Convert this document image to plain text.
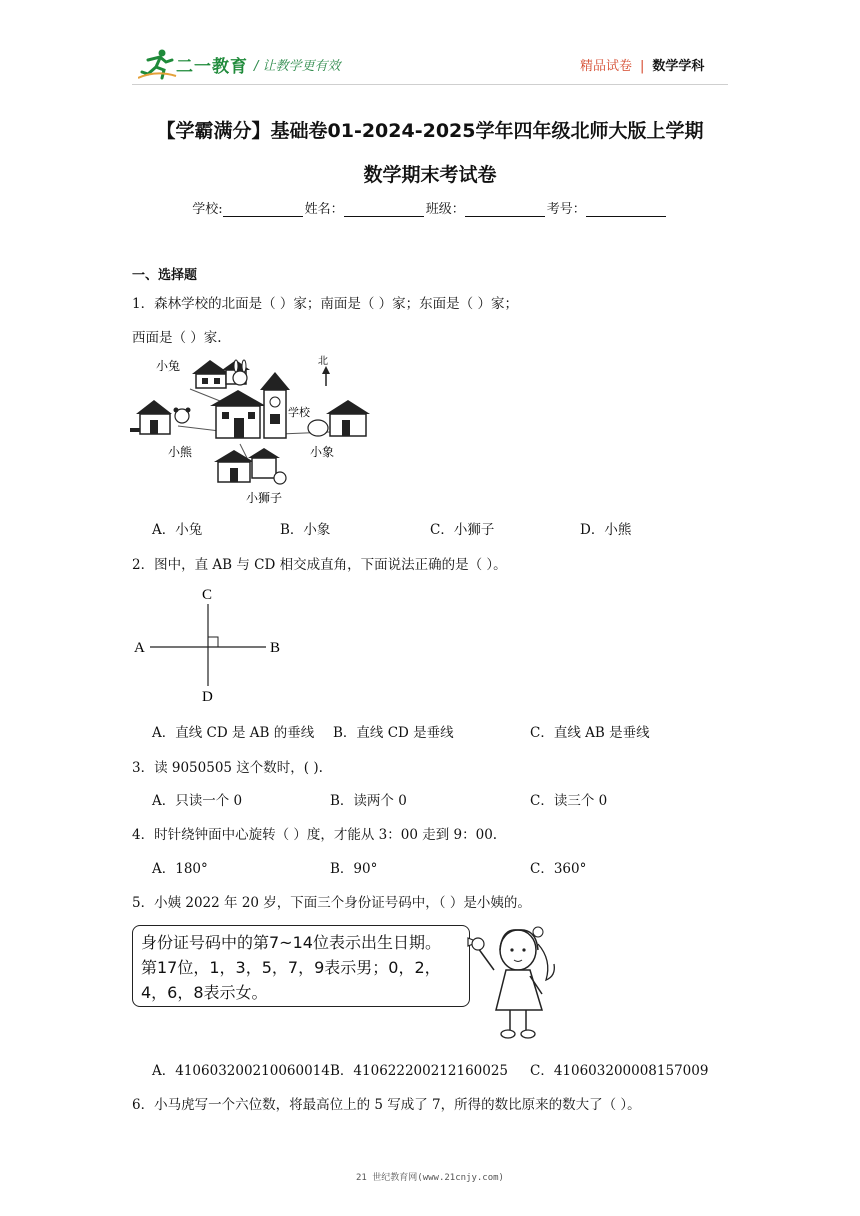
二一教育 / 让教学更有效	精品试卷 | 数学学科
【学霸满分】基础卷01-2024-2025学年四年级北师大版上学期
数学期末考试卷
学校:	姓名：	班级：	考号：
一、选择题
1．森林学校的北面是（ ）家；南面是（ ）家；东面是（ ）家；
西面是（ ）家.
小兔	北
学校
小熊	小象
小狮子
A．小兔	B．小象	C．小狮子	D．小熊
2．图中，直 AB 与 CD 相交成直角，下面说法正确的是（ ）。
A	B
C
D
A．直线 CD 是 AB 的垂线 B．直线 CD 是垂线	C．直线 AB 是垂线
3．读 9050505 这个数时，( ).
A．只读一个 0	B．读两个 0	C．读三个 0
4．时针绕钟面中心旋转（ ）度，才能从 3：00 走到 9：00.
A．180°	B．90°	C．360°
5．小姨 2022 年 20 岁，下面三个身份证号码中，（ ）是小姨的。
身份证号码中的第7~14位表示出生日期。
第17位，1，3，5，7，9表示男；0，2，
4，6，8表示女。
A．410603200210060014 B．410622200212160025 C．410603200008157009
6．小马虎写一个六位数，将最高位上的 5 写成了 7，所得的数比原来的数大了（ ）。
21 世纪教育网(www.21cnjy.com)
